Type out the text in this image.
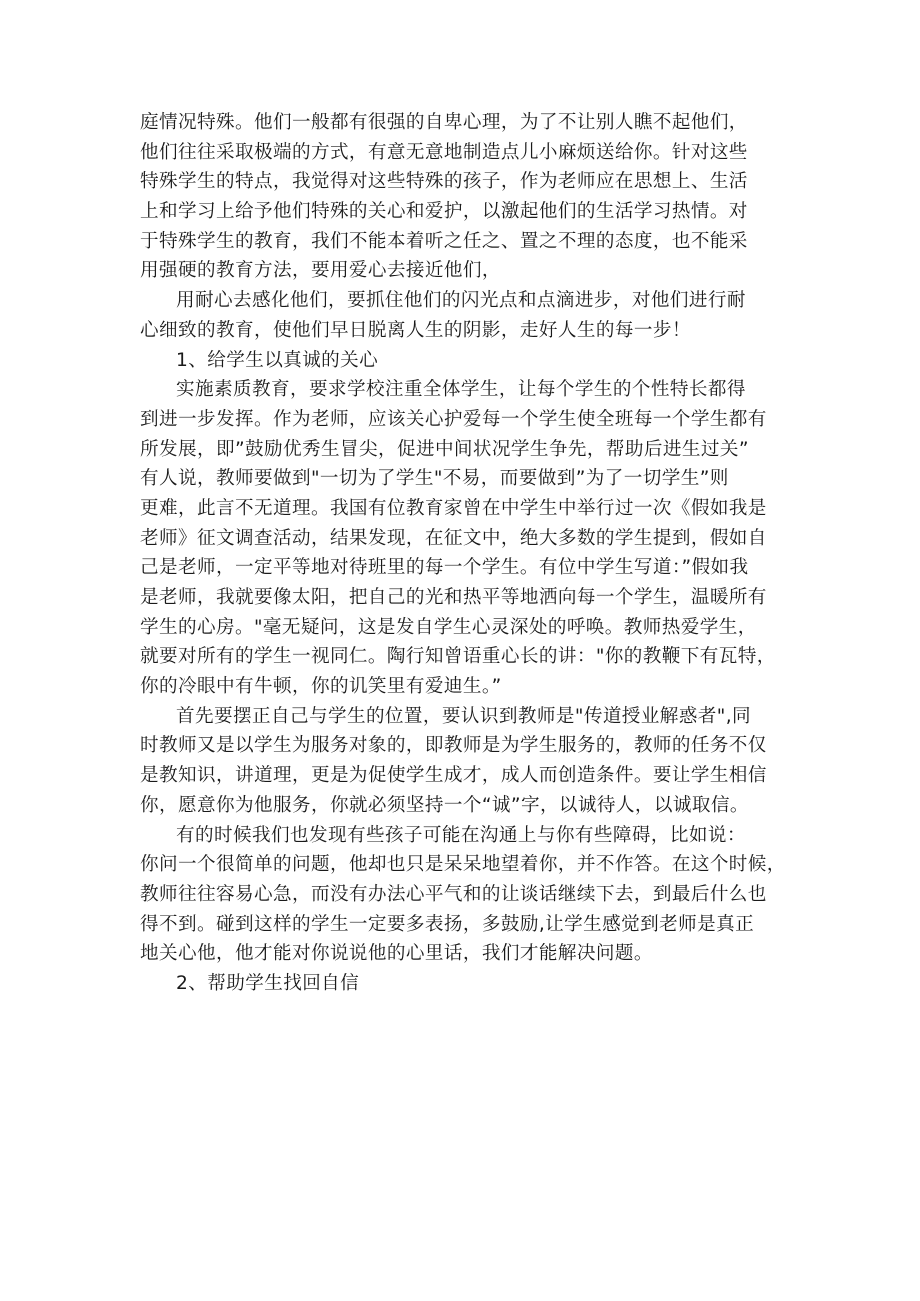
庭情况特殊。他们一般都有很强的自卑心理，为了不让别人瞧不起他们，
他们往往采取极端的方式，有意无意地制造点儿小麻烦送给你。针对这些
特殊学生的特点，我觉得对这些特殊的孩子，作为老师应在思想上、生活
上和学习上给予他们特殊的关心和爱护，以激起他们的生活学习热情。对
于特殊学生的教育，我们不能本着听之任之、置之不理的态度，也不能采
用强硬的教育方法，要用爱心去接近他们，
用耐心去感化他们，要抓住他们的闪光点和点滴进步，对他们进行耐
心细致的教育，使他们早日脱离人生的阴影，走好人生的每一步！
1、给学生以真诚的关心
实施素质教育，要求学校注重全体学生，让每个学生的个性特长都得
到进一步发挥。作为老师，应该关心护爱每一个学生使全班每一个学生都有
所发展，即”鼓励优秀生冒尖，促进中间状况学生争先，帮助后进生过关”
有人说，教师要做到"一切为了学生"不易，而要做到”为了一切学生”则
更难，此言不无道理。我国有位教育家曾在中学生中举行过一次《假如我是
老师》征文调查活动，结果发现，在征文中，绝大多数的学生提到，假如自
己是老师，一定平等地对待班里的每一个学生。有位中学生写道：”假如我
是老师，我就要像太阳，把自己的光和热平等地洒向每一个学生，温暖所有
学生的心房。"毫无疑问，这是发自学生心灵深处的呼唤。教师热爱学生，
就要对所有的学生一视同仁。陶行知曾语重心长的讲："你的教鞭下有瓦特，
你的冷眼中有牛顿，你的讥笑里有爱迪生。”
首先要摆正自己与学生的位置，要认识到教师是"传道授业解惑者",同
时教师又是以学生为服务对象的，即教师是为学生服务的，教师的任务不仅
是教知识，讲道理，更是为促使学生成才，成人而创造条件。要让学生相信
你，愿意你为他服务，你就必须坚持一个“诚”字，以诚待人，以诚取信。
有的时候我们也发现有些孩子可能在沟通上与你有些障碍，比如说：
你问一个很简单的问题，他却也只是呆呆地望着你，并不作答。在这个时候，
教师往往容易心急，而没有办法心平气和的让谈话继续下去，到最后什么也
得不到。碰到这样的学生一定要多表扬，多鼓励,让学生感觉到老师是真正
地关心他，他才能对你说说他的心里话，我们才能解决问题。
2、帮助学生找回自信
